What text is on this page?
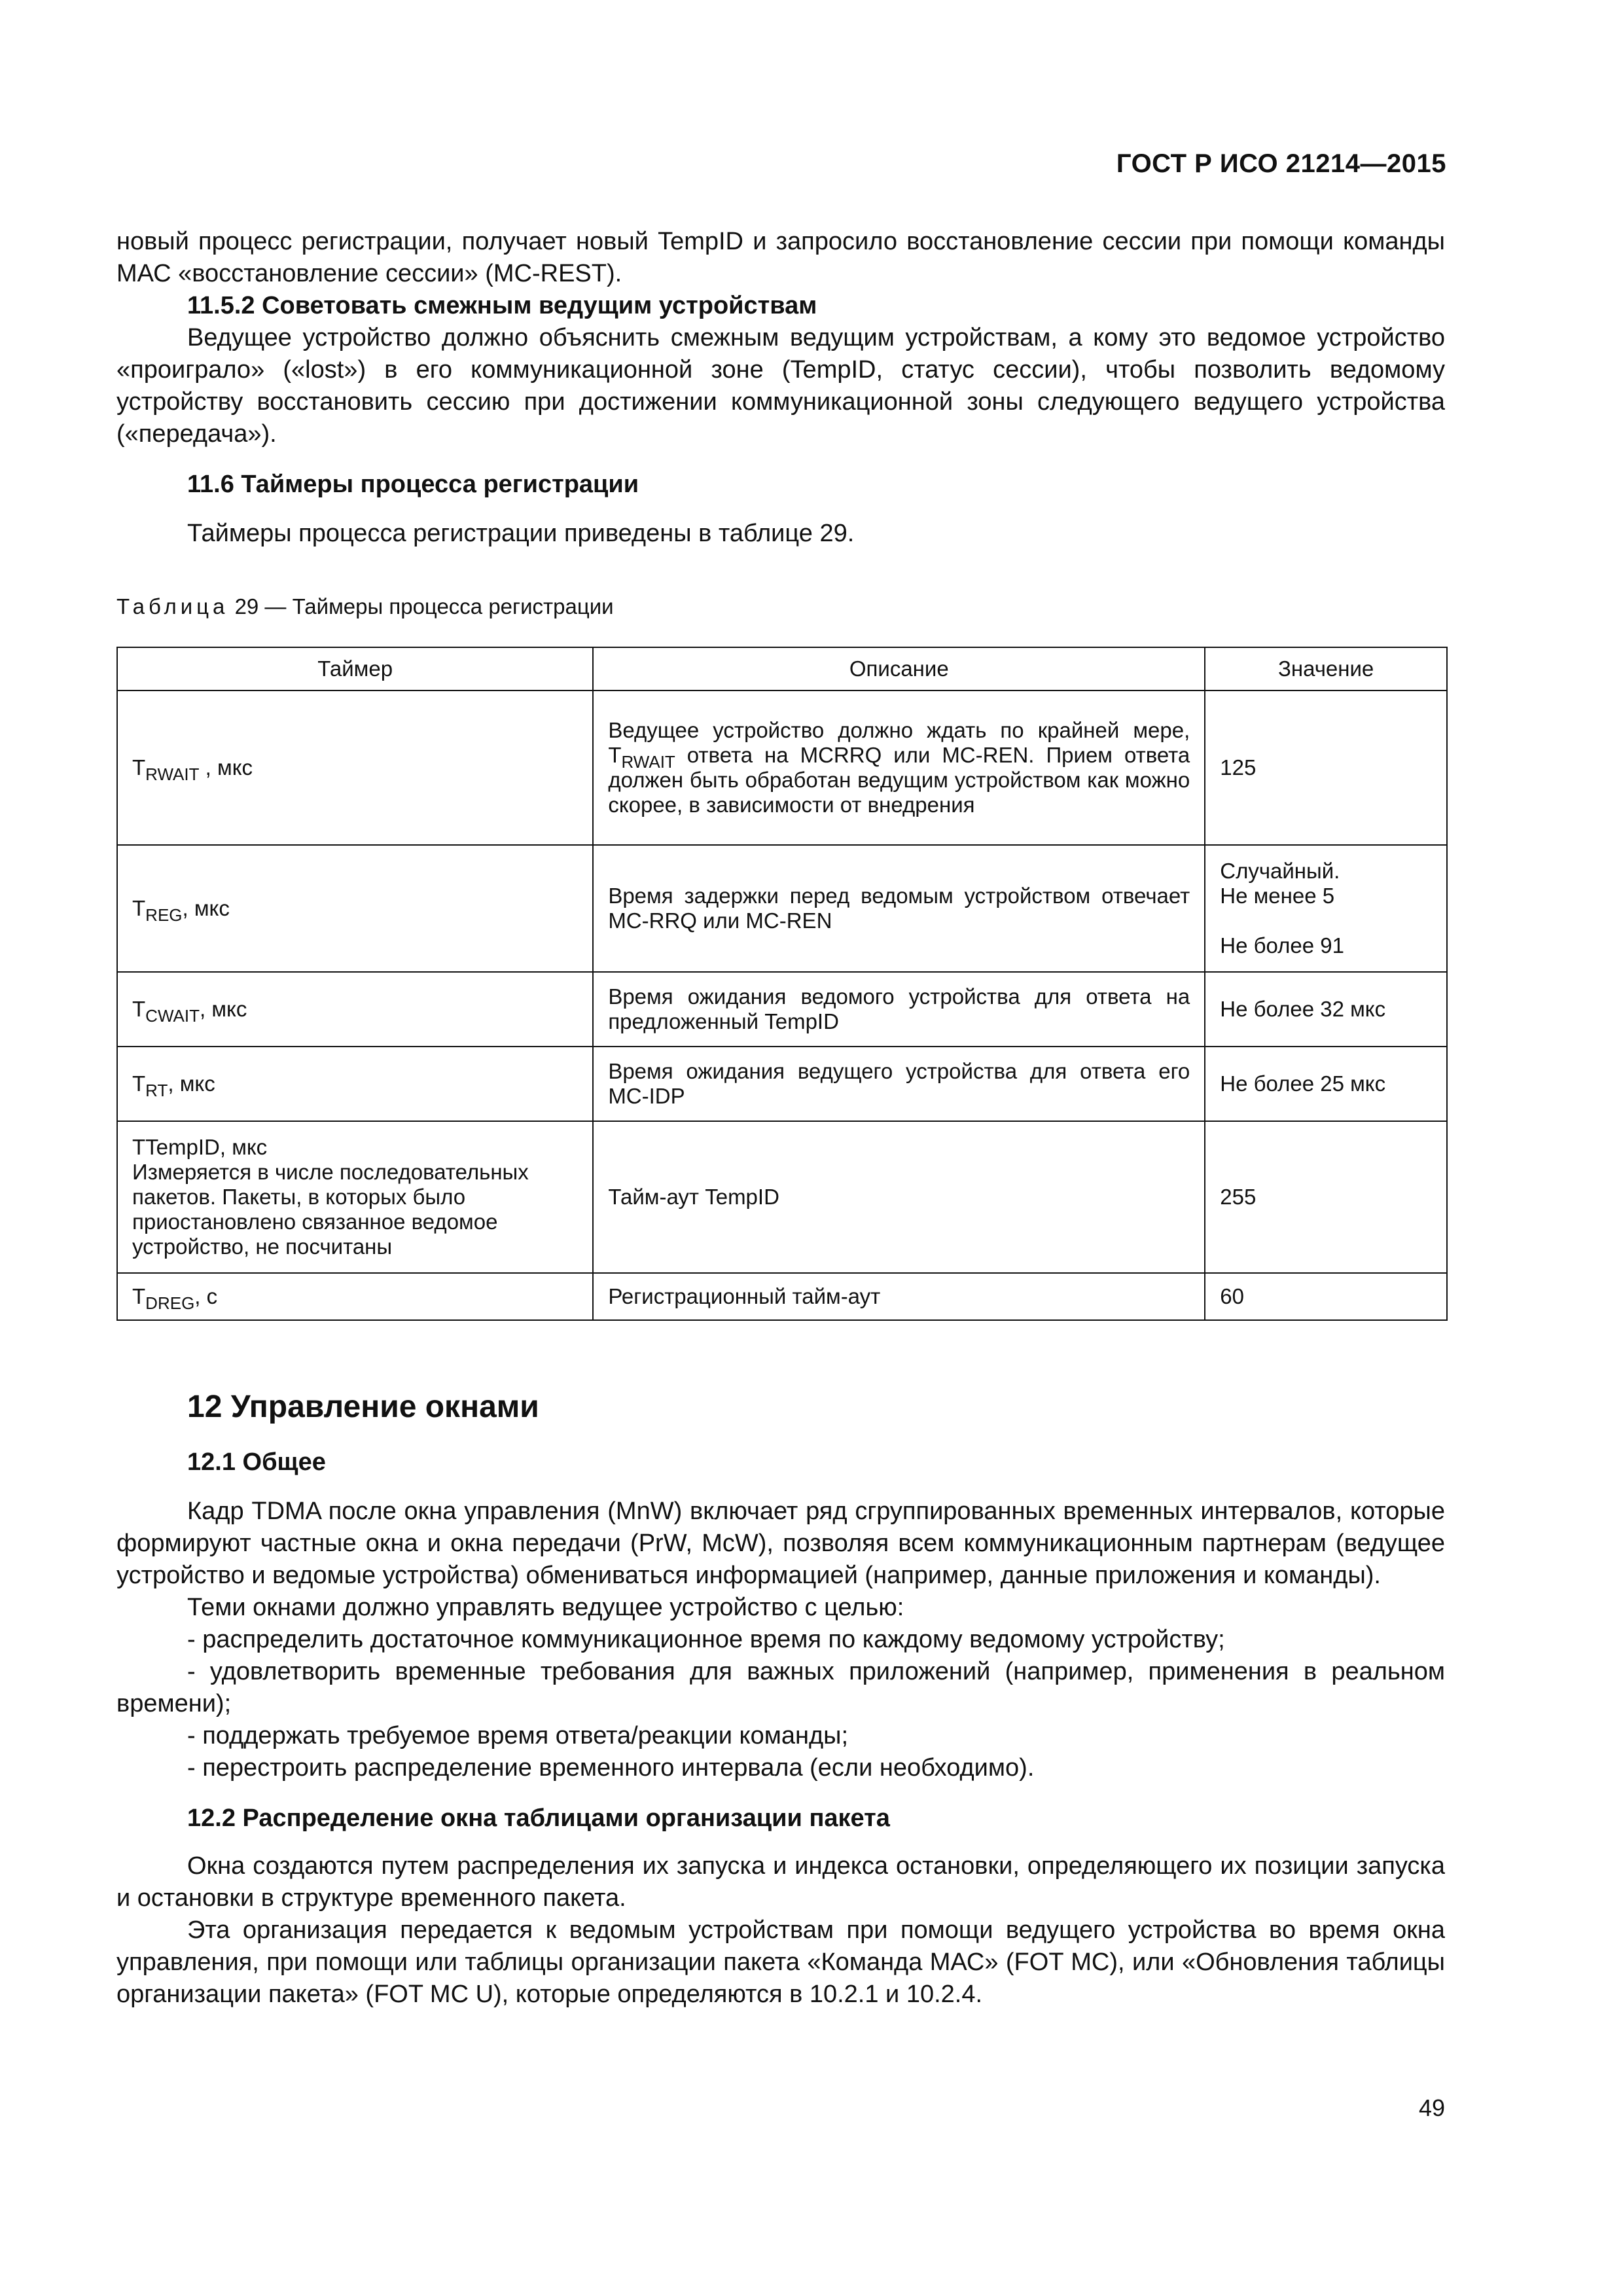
ГОСТ Р ИСО 21214—2015

новый процесс регистрации, получает новый TempID и запросило восстановление сессии при помощи команды МАС «восстановление сессии» (MC-REST).

11.5.2 Советовать смежным ведущим устройствам

Ведущее устройство должно объяснить смежным ведущим устройствам, а кому это ведомое устройство «проиграло» («lost») в его коммуникационной зоне (TempID, статус сессии), чтобы позволить ведомому устройству восстановить сессию при достижении коммуникационной зоны следующего ведущего устройства («передача»).

11.6 Таймеры процесса регистрации

Таймеры процесса регистрации приведены в таблице 29.

Таблица 29 — Таймеры процесса регистрации
Таймер	Описание	Значение
$T_{RWAIT}$ , мкс	Ведущее устройство должно ждать по крайней мере, $T_{RWAIT}$ ответа на MCRRQ или MC-REN. Прием ответа должен быть обработан ведущим устройством как можно скорее, в зависимости от внедрения	125
$T_{REG}$, мкс	Время задержки перед ведомым устройством отвечает MC-RRQ или MC-REN	Случайный.
Не менее 5
Не более 91

$T_{CWAIT}$, мкс	Время ожидания ведомого устройства для ответа на предложенный TempID	Не более 32 мкс
$T_{RT}$, мкс	Время ожидания ведущего устройства для ответа его MC-IDP	Не более 25 мкс

TTempID, мкс
Измеряется в числе последовательных пакетов. Пакеты, в которых было приостановлено связанное ведомое устройство, не посчитаны	Тайм-аут TempID	255
$T_{DREG}$, с	Регистрационный тайм-аут	60

12 Управление окнами

12.1 Общее

Кадр TDMA после окна управления (MnW) включает ряд сгруппированных временных интервалов, которые формируют частные окна и окна передачи (PrW, McW), позволяя всем коммуникационным партнерам (ведущее устройство и ведомые устройства) обмениваться информацией (например, данные приложения и команды).

Теми окнами должно управлять ведущее устройство с целью:

- распределить достаточное коммуникационное время по каждому ведомому устройству;

- удовлетворить временные требования для важных приложений (например, применения в реальном времени);

- поддержать требуемое время ответа/реакции команды;

- перестроить распределение временного интервала (если необходимо).

12.2 Распределение окна таблицами организации пакета

Окна создаются путем распределения их запуска и индекса остановки, определяющего их позиции запуска и остановки в структуре временного пакета.

Эта организация передается к ведомым устройствам при помощи ведущего устройства во время окна управления, при помощи или таблицы организации пакета «Команда МАС» (FOT MC), или «Обновления таблицы организации пакета» (FOT MC U), которые определяются в 10.2.1 и 10.2.4.

49
